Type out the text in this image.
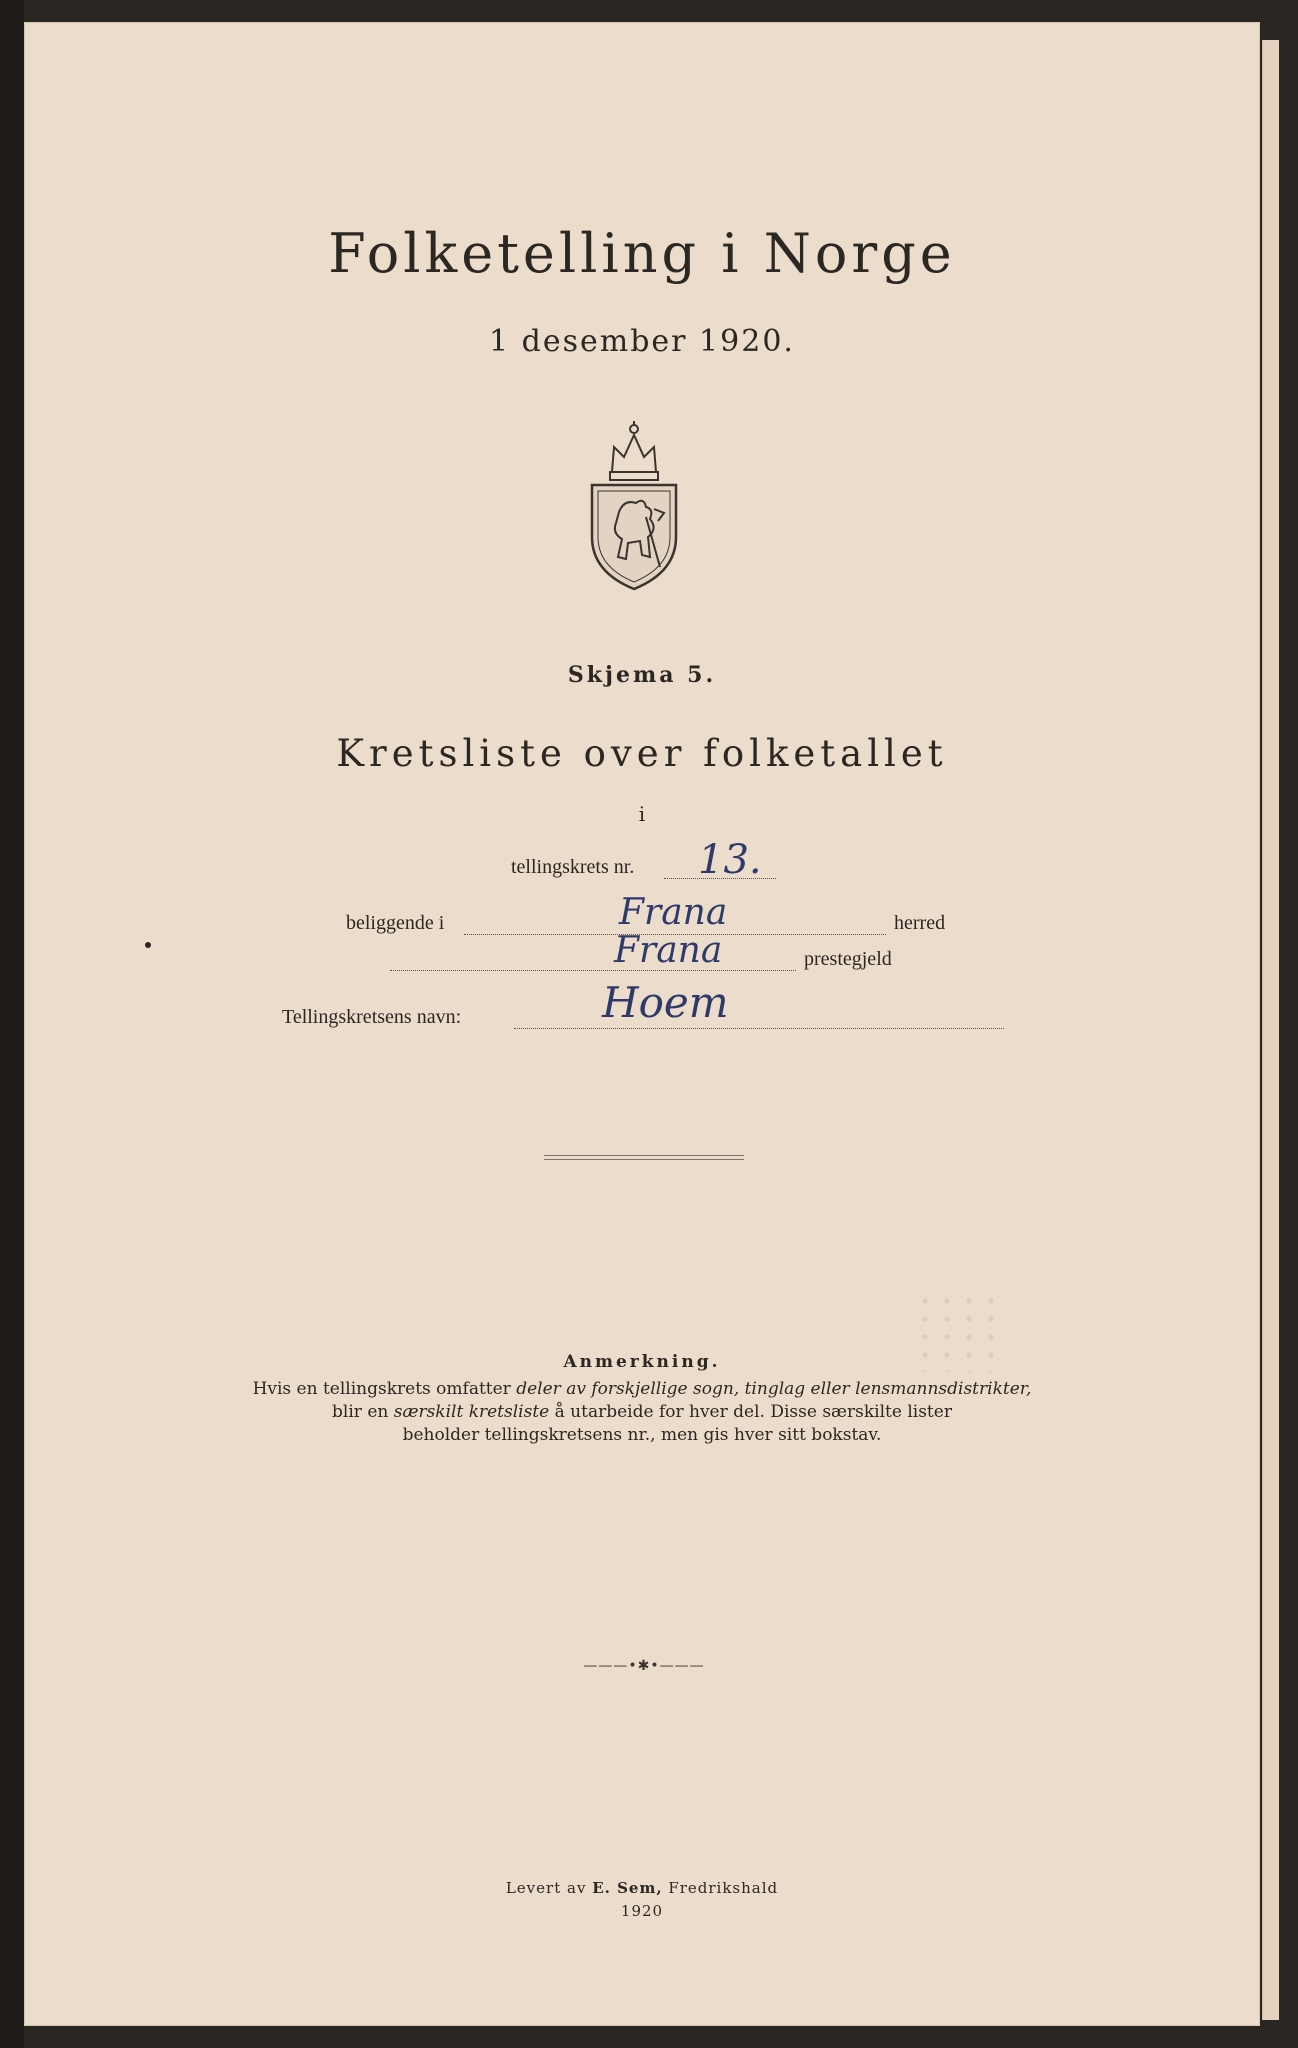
Folketelling i Norge
1 desember 1920.
Skjema 5.
Kretsliste over folketallet
i
tellingskrets nr. 13.
beliggende i	Frana	herred
Frana	prestegjeld
Tellingskretsens navn:	Hoem
Anmerkning.
Hvis en tellingskrets omfatter deler av forskjellige sogn, tinglag eller lensmannsdistrikter,
blir en særskilt kretsliste å utarbeide for hver del. Disse særskilte lister
beholder tellingskretsens nr., men gis hver sitt bokstav.
———•✱•———
Levert av E. Sem, Fredrikshald
1920
